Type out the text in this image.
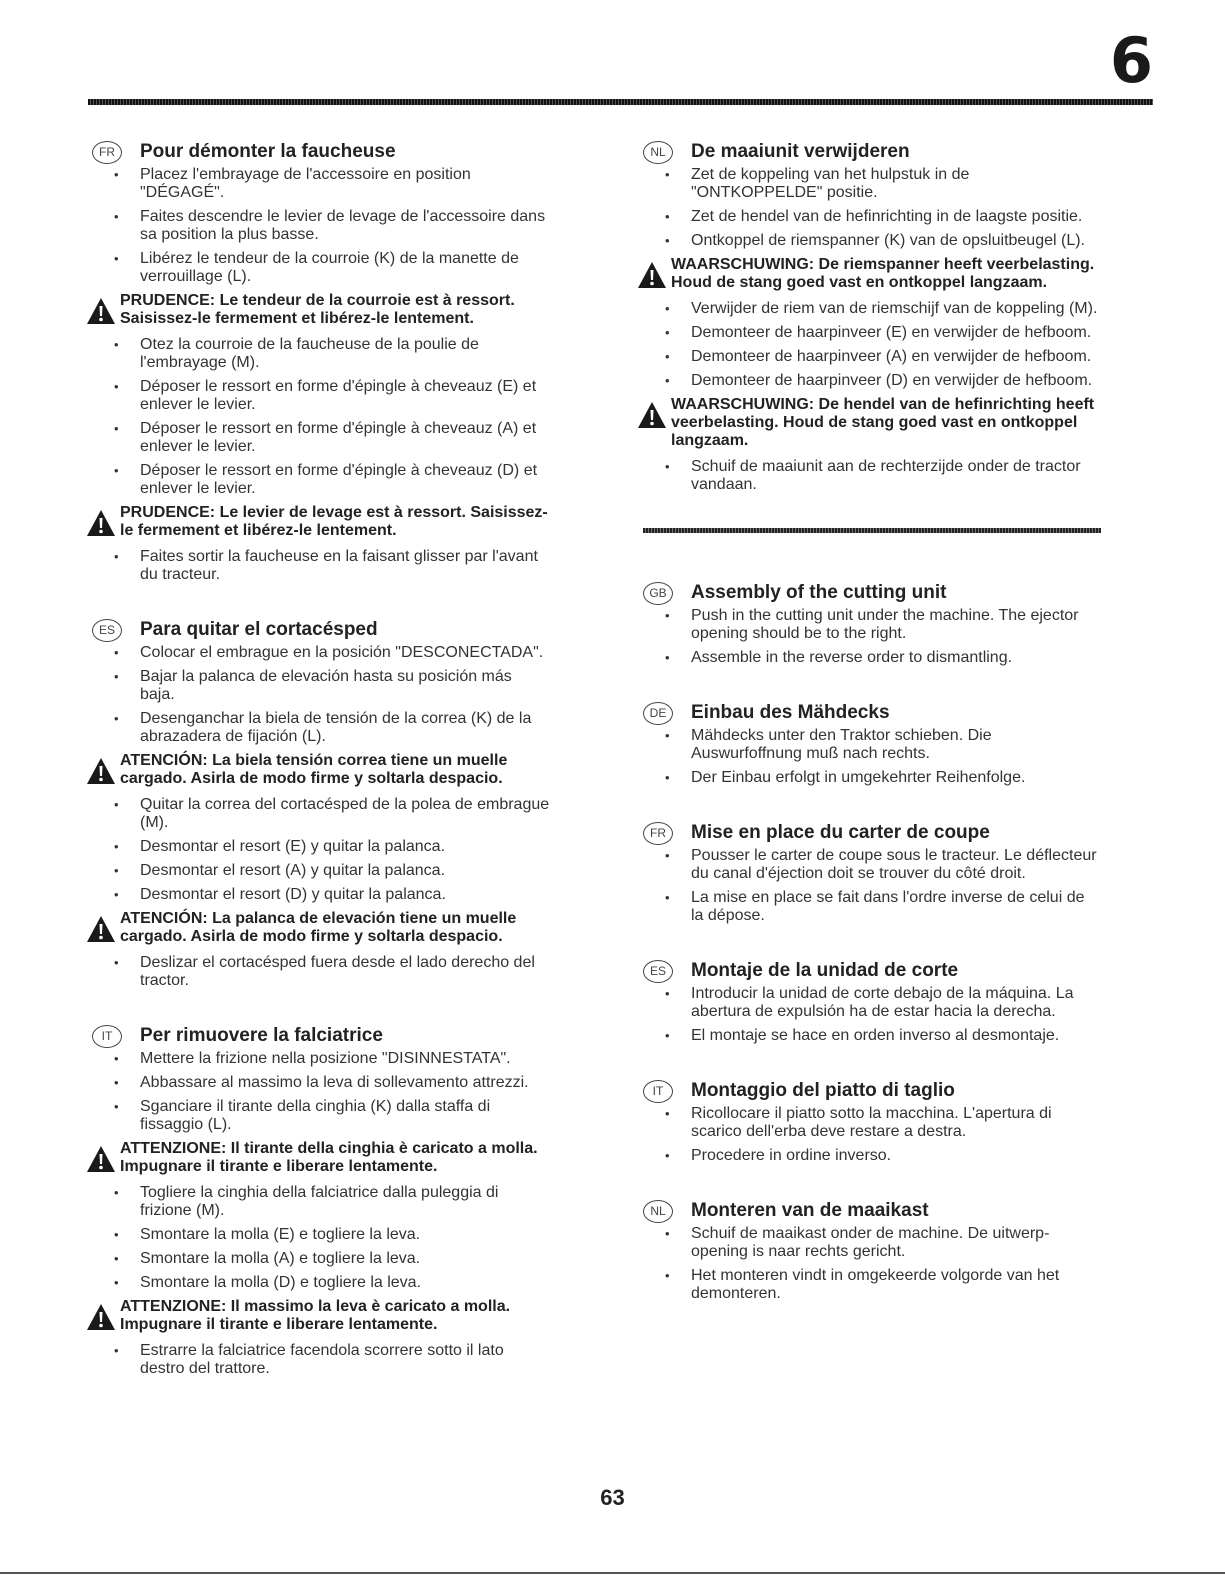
6
FR	Pour démonter la faucheuse
• Placez l'embrayage de l'accessoire en position "DÉGAGÉ".
• Faites descendre le levier de levage de l'accessoire dans sa position la plus basse.
• Libérez le tendeur de la courroie (K) de la manette de verrouillage (L).
PRUDENCE: Le tendeur de la courroie est à ressort. Saisissez-le fermement et libérez-le lentement.
• Otez la courroie de la faucheuse de la poulie de l'embrayage (M).
• Déposer le ressort en forme d'épingle à cheveauz (E) et enlever le levier.
• Déposer le ressort en forme d'épingle à cheveauz (A) et enlever le levier.
• Déposer le ressort en forme d'épingle à cheveauz (D) et enlever le levier.
PRUDENCE: Le levier de levage est à ressort. Saisissez-le fermement et libérez-le lentement.
• Faites sortir la faucheuse en la faisant glisser par l'avant du tracteur.
ES	Para quitar el cortacésped
• Colocar el embrague en la posición "DESCONECTADA".
• Bajar la palanca de elevación hasta su posición más baja.
• Desenganchar la biela de tensión de la correa (K) de la abrazadera de fijación (L).
ATENCIÓN: La biela tensión correa tiene un muelle cargado. Asirla de modo firme y soltarla despacio.
• Quitar la correa del cortacésped de la polea de embrague (M).
• Desmontar el resort (E) y quitar la palanca.
• Desmontar el resort (A) y quitar la palanca.
• Desmontar el resort (D) y quitar la palanca.
ATENCIÓN: La palanca de elevación tiene un muelle cargado. Asirla de modo firme y soltarla despacio.
• Deslizar el cortacésped fuera desde el lado derecho del tractor.
IT	Per rimuovere la falciatrice
• Mettere la frizione nella posizione "DISINNESTATA".
• Abbassare al massimo la leva di sollevamento attrezzi.
• Sganciare il tirante della cinghia (K) dalla staffa di fissaggio (L).
ATTENZIONE: Il tirante della cinghia è caricato a molla. Impugnare il tirante e liberare lentamente.
• Togliere la cinghia della falciatrice dalla puleggia di frizione (M).
• Smontare la molla (E) e togliere la leva.
• Smontare la molla (A) e togliere la leva.
• Smontare la molla (D) e togliere la leva.
ATTENZIONE: Il massimo la leva è caricato a molla. Impugnare il tirante e liberare lentamente.
• Estrarre la falciatrice facendola scorrere sotto il lato destro del trattore.
NL	De maaiunit verwijderen
• Zet de koppeling van het hulpstuk in de "ONTKOPPELDE" positie.
• Zet de hendel van de hefinrichting in de laagste positie.
• Ontkoppel de riemspanner (K) van de opsluitbeugel (L).
WAARSCHUWING: De riemspanner heeft veerbelasting. Houd de stang goed vast en ontkoppel langzaam.
• Verwijder de riem van de riemschijf van de koppeling (M).
• Demonteer de haarpinveer (E) en verwijder de hefboom.
• Demonteer de haarpinveer (A) en verwijder de hefboom.
• Demonteer de haarpinveer (D) en verwijder de hefboom.
WAARSCHUWING: De hendel van de hefinrichting heeft veerbelasting. Houd de stang goed vast en ontkoppel langzaam.
• Schuif de maaiunit aan de rechterzijde onder de tractor vandaan.
GB	Assembly of the cutting unit
• Push in the cutting unit under the machine. The ejector opening should be to the right.
• Assemble in the reverse order to dismantling.
DE	Einbau des Mähdecks
• Mähdecks unter den Traktor schieben. Die Auswurfoffnung muß nach rechts.
• Der Einbau erfolgt in umgekehrter Reihenfolge.
FR	Mise en place du carter de coupe
• Pousser le carter de coupe sous le tracteur. Le déflecteur du canal d'éjection doit se trouver du côté droit.
• La mise en place se fait dans l'ordre inverse de celui de la dépose.
ES	Montaje de la unidad de corte
• Introducir la unidad de corte debajo de la máquina. La abertura de expulsión ha de estar hacia la derecha.
• El montaje se hace en orden inverso al desmontaje.
IT	Montaggio del piatto di taglio
• Ricollocare il piatto sotto la macchina. L'apertura di scarico dell'erba deve restare a destra.
• Procedere in ordine inverso.
NL	Monteren van de maaikast
• Schuif de maaikast onder de machine. De uitwerp-opening is naar rechts gericht.
• Het monteren vindt in omgekeerde volgorde van het demonteren.
63
